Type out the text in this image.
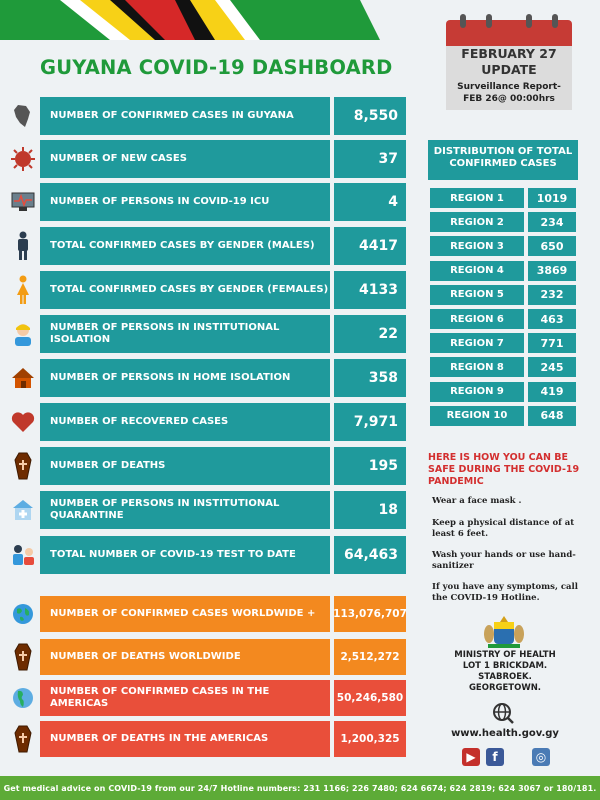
GUYANA COVID-19 DASHBOARD
FEBRUARY 27
UPDATE
Surveillance Report-
FEB 26@ 00:00hrs
NUMBER OF CONFIRMED CASES IN GUYANA	8,550
NUMBER OF NEW CASES	37
NUMBER OF PERSONS IN COVID-19 ICU	4
TOTAL CONFIRMED CASES BY GENDER (MALES)	4417
TOTAL CONFIRMED CASES BY GENDER (FEMALES)	4133
NUMBER OF PERSONS IN INSTITUTIONAL ISOLATION	22
NUMBER OF PERSONS IN HOME ISOLATION	358
NUMBER OF RECOVERED CASES	7,971
NUMBER OF DEATHS	195
NUMBER OF PERSONS IN INSTITUTIONAL QUARANTINE	18
TOTAL NUMBER OF COVID-19 TEST TO DATE	64,463
NUMBER OF CONFIRMED CASES WORLDWIDE +	113,076,707
NUMBER OF DEATHS WORLDWIDE	2,512,272
NUMBER OF CONFIRMED CASES IN THE AMERICAS	50,246,580
NUMBER OF DEATHS IN THE AMERICAS	1,200,325
DISTRIBUTION OF TOTAL CONFIRMED CASES
REGION 1	1019
REGION 2	234
REGION 3	650
REGION 4	3869
REGION 5	232
REGION 6	463
REGION 7	771
REGION 8	245
REGION 9	419
REGION 10	648
HERE IS HOW YOU CAN BE SAFE DURING THE COVID-19 PANDEMIC
Wear a face mask .
Keep a physical distance of at least 6 feet.
Wash your hands or use hand-sanitizer
If you have any symptoms, call the COVID-19 Hotline.
MINISTRY OF HEALTH
LOT 1 BRICKDAM.
STABROEK.
GEORGETOWN.
www.health.gov.gy
▶	f	◎
Get medical advice on COVID-19 from our 24/7 Hotline numbers: 231 1166; 226 7480; 624 6674; 624 2819; 624 3067 or 180/181.
